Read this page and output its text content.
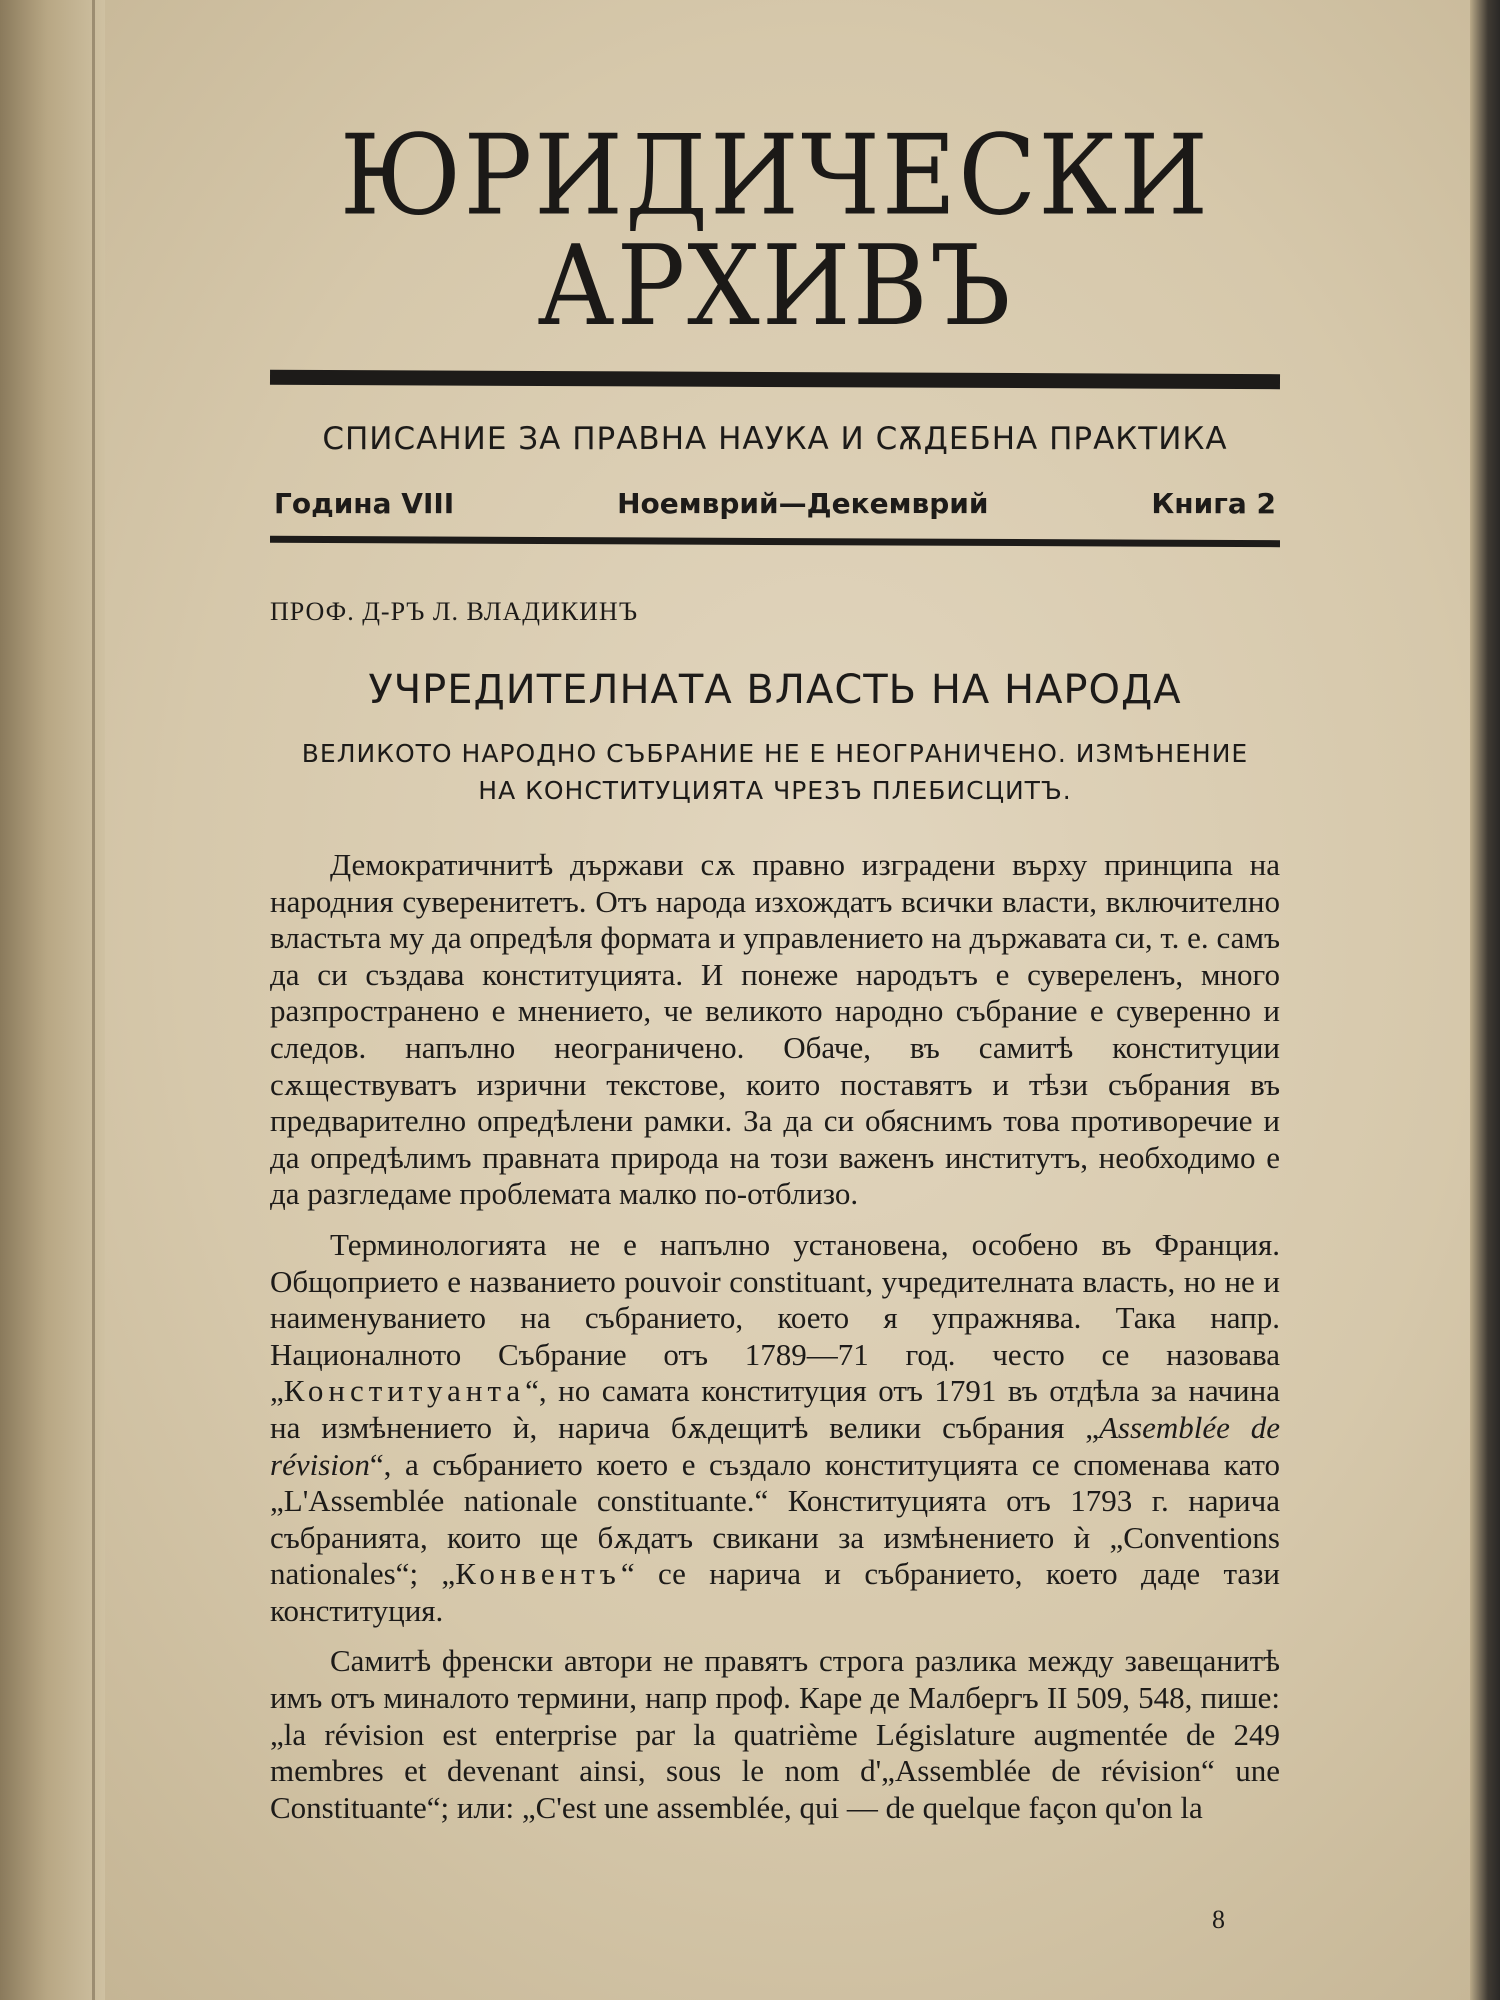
ЮРИДИЧЕСКИ АРХИВЪ
СПИСАНИЕ ЗА ПРАВНА НАУКА И СѪДЕБНА ПРАКТИКА
Година VIII	Ноемврий—Декемврий	Книга 2
ПРОФ. Д-РЪ Л. ВЛАДИКИНЪ
УЧРЕДИТЕЛНАТА ВЛАСТЬ НА НАРОДА
ВЕЛИКОТО НАРОДНО СЪБРАНИЕ НЕ Е НЕОГРАНИЧЕНО. ИЗМѢНЕНИЕ НА КОНСТИТУЦИЯТА ЧРЕЗЪ ПЛЕБИСЦИТЪ.

Демократичнитѣ държави сѫ правно изградени върху принципа на народния суверенитетъ. Отъ народа изхождатъ всички власти, включително властьта му да опредѣля формата и управлението на държавата си, т. е. самъ да си създава конституцията. И понеже народътъ е сувереленъ, много разпространено е мнението, че великото народно събрание е суверенно и следов. напълно неограничено. Обаче, въ самитѣ конституции сѫществуватъ изрични текстове, които поставятъ и тѣзи събрания въ предварително опредѣлени рамки. За да си обяснимъ това противоречие и да опредѣлимъ правната природа на този важенъ институтъ, необходимо е да разгледаме проблемата малко по-отблизо.

Терминологията не е напълно установена, особено въ Франция. Общоприето е названието pouvoir constituant, учредителната власть, но не и наименуванието на събранието, което я упражнява. Така напр. Националното Събрание отъ 1789—71 год. често се назовава „Конституанта“, но самата конституция отъ 1791 въ отдѣла за начина на измѣнението ѝ, нарича бѫдещитѣ велики събрания „Assemblée de révision“, а събранието което е създало конституцията се споменава като „L'Assemblée nationale constituante.“ Конституцията отъ 1793 г. нарича събранията, които ще бѫдатъ свикани за измѣнението ѝ „Conventions nationales“; „Конвентъ“ се нарича и събранието, което даде тази конституция.

Самитѣ френски автори не правятъ строга разлика между завещанитѣ имъ отъ миналото термини, напр проф. Каре де Малбергъ II 509, 548, пише: „la révision est enterprise par la quatrième Législature augmentée de 249 membres et devenant ainsi, sous le nom d'„Assemblée de révision“ une Constituante“; или: „C'est une assemblée, qui — de quelque façon qu'on la

8
